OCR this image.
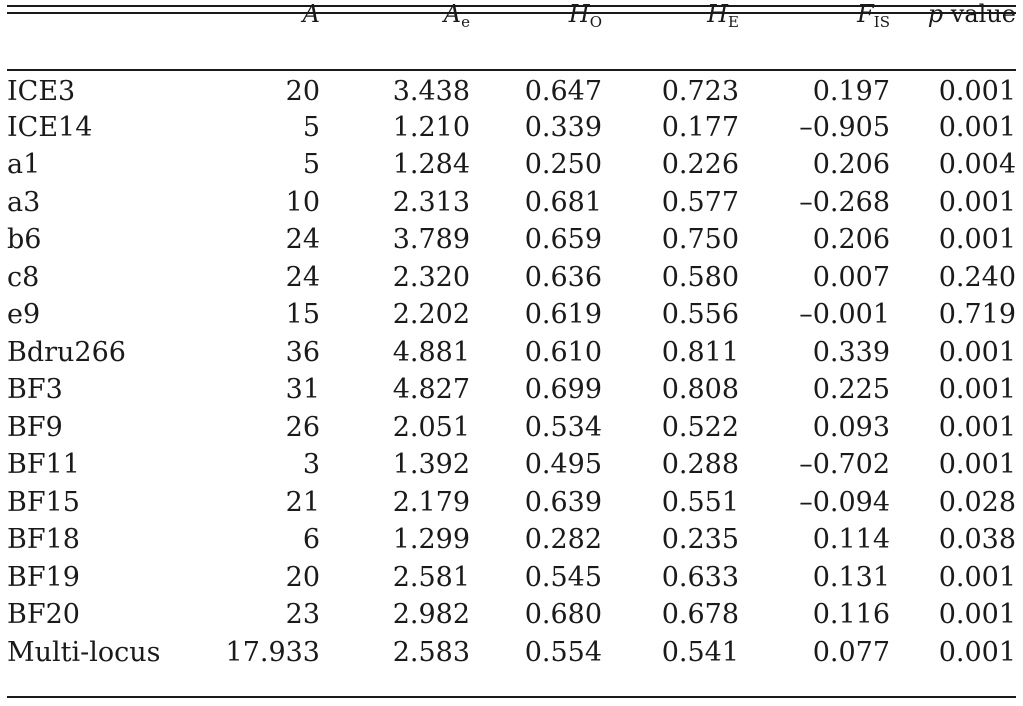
	A	$A_e$	$H_O$	$H_E$	$F_{IS}$	p value
ICE3	20	3.438	0.647	0.723	0.197	0.001
ICE14	5	1.210	0.339	0.177	–0.905	0.001
a1	5	1.284	0.250	0.226	0.206	0.004
a3	10	2.313	0.681	0.577	–0.268	0.001
b6	24	3.789	0.659	0.750	0.206	0.001
c8	24	2.320	0.636	0.580	0.007	0.240
e9	15	2.202	0.619	0.556	–0.001	0.719
Bdru266	36	4.881	0.610	0.811	0.339	0.001
BF3	31	4.827	0.699	0.808	0.225	0.001
BF9	26	2.051	0.534	0.522	0.093	0.001
BF11	3	1.392	0.495	0.288	–0.702	0.001
BF15	21	2.179	0.639	0.551	–0.094	0.028
BF18	6	1.299	0.282	0.235	0.114	0.038
BF19	20	2.581	0.545	0.633	0.131	0.001
BF20	23	2.982	0.680	0.678	0.116	0.001
Multi-locus	17.933	2.583	0.554	0.541	0.077	0.001
